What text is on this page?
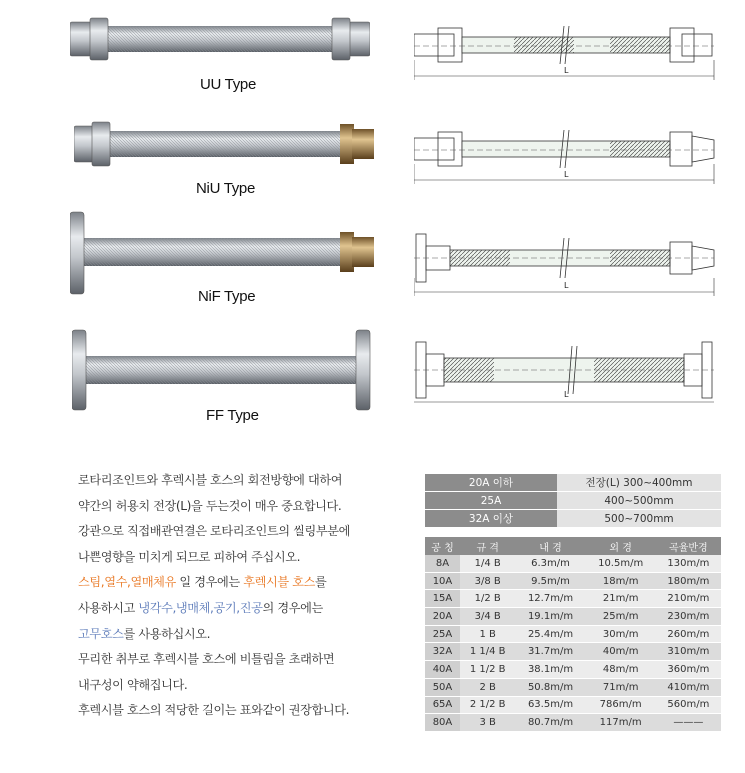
UU Type
NiU Type
NiF Type
FF Type
L
L
L
L

로타리조인트와 후렉시블 호스의 회전방향에 대하여

약간의 허용치 전장(L)을 두는것이 매우 중요합니다.

강관으로 직접배관연결은 로타리조인트의 씰링부분에

나쁜영향을 미치게 되므로 피하여 주십시오.

스팀,열수,열매체유 일 경우에는 후렉시블 호스를

사용하시고 냉각수,냉매체,공기,진공의 경우에는

고무호스를 사용하십시오.

무리한 취부로 후렉시블 호스에 비틀림을 초래하면

내구성이 약해집니다.

후렉시블 호스의 적당한 길이는 표와같이 권장합니다.

20A 이하	전장(L) 300~400mm
25A	400~500mm
32A 이상	500~700mm
공 칭	규 격	내 경	외 경	곡율반경
8A	1/4 B	6.3m/m	10.5m/m	130m/m
10A	3/8 B	9.5m/m	18m/m	180m/m
15A	1/2 B	12.7m/m	21m/m	210m/m
20A	3/4 B	19.1m/m	25m/m	230m/m
25A	1 B	25.4m/m	30m/m	260m/m
32A	1 1/4 B	31.7m/m	40m/m	310m/m
40A	1 1/2 B	38.1m/m	48m/m	360m/m
50A	2 B	50.8m/m	71m/m	410m/m
65A	2 1/2 B	63.5m/m	786m/m	560m/m
80A	3 B	80.7m/m	117m/m	———
